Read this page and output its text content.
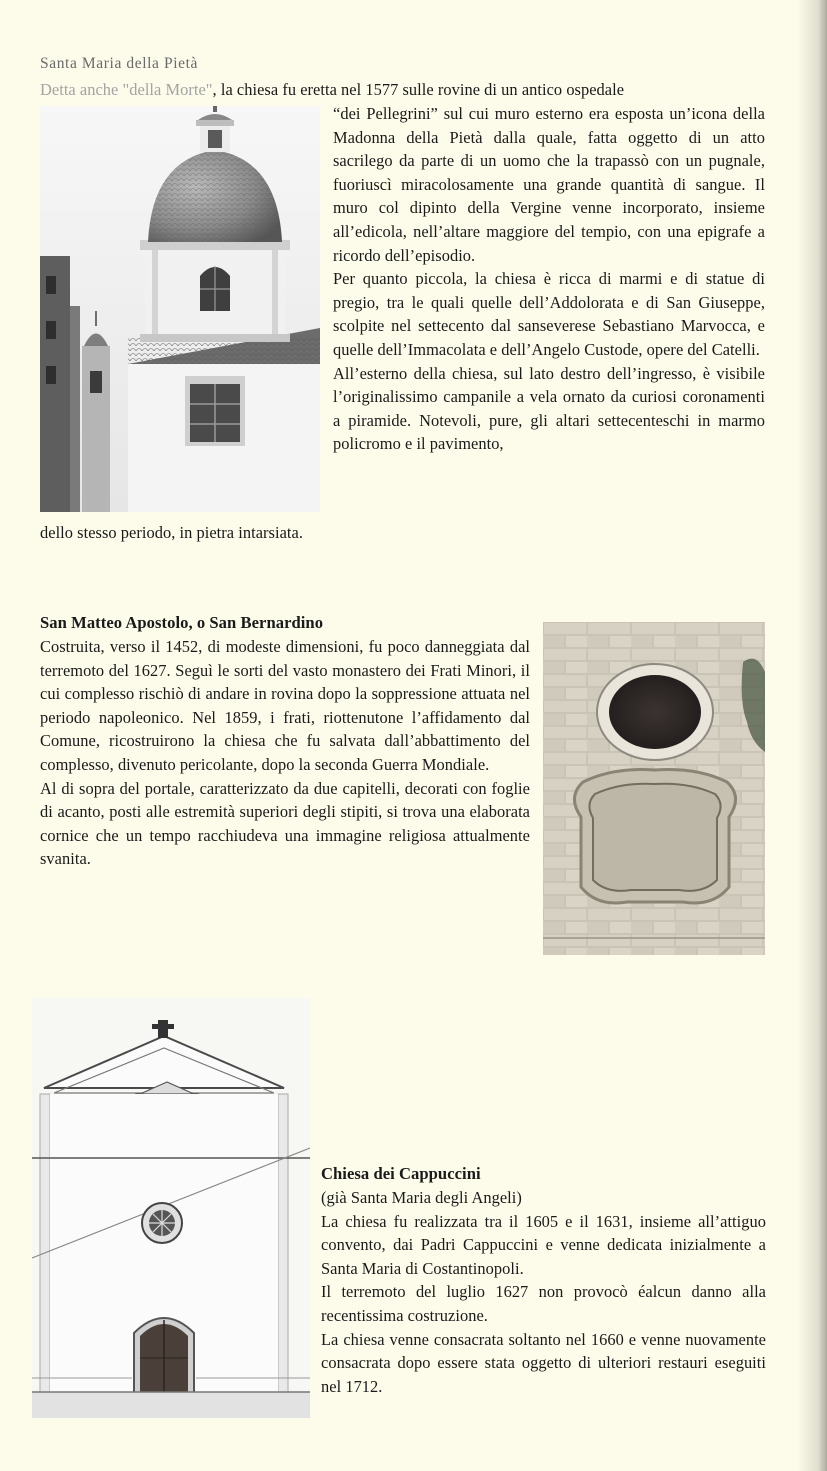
Santa Maria della Pietà
Detta anche "della Morte", la chiesa fu eretta nel 1577 sulle rovine di un antico ospedale

“dei Pellegrini” sul cui muro esterno era esposta un’icona della Madonna della Pietà dalla quale, fatta oggetto di un atto sacrilego da parte di un uomo che la trapassò con un pugnale, fuoriuscì miracolosamente una grande quantità di sangue. Il muro col dipinto della Vergine venne incorporato, insieme all’edicola, nell’altare maggiore del tempio, con una epigrafe a ricordo dell’episodio.

Per quanto piccola, la chiesa è ricca di marmi e di statue di pregio, tra le quali quelle dell’Addolorata e di San Giuseppe, scolpite nel settecento dal sanseverese Sebastiano Marvocca, e quelle dell’Immacolata e dell’Angelo Custode, opere del Catelli.

All’esterno della chiesa, sul lato destro dell’ingresso, è visibile l’originalissimo campanile a vela ornato da curiosi coronamenti a piramide. Notevoli, pure, gli altari settecenteschi in marmo policromo e il pavimento,

dello stesso periodo, in pietra intarsiata.
San Matteo Apostolo, o San Bernardino

Costruita, verso il 1452, di modeste dimensioni, fu poco danneggiata dal terremoto del 1627. Seguì le sorti del vasto monastero dei Frati Minori, il cui complesso rischiò di andare in rovina dopo la soppressione attuata nel periodo napoleonico. Nel 1859, i frati, riottenutone l’affidamento dal Comune, ricostruirono la chiesa che fu salvata dall’abbattimento del complesso, divenuto pericolante, dopo la seconda Guerra Mondiale.

Al di sopra del portale, caratterizzato da due capitelli, decorati con foglie di acanto, posti alle estremità superiori degli stipiti, si trova una elaborata cornice che un tempo racchiudeva una immagine religiosa attualmente svanita.

Chiesa dei Cappuccini

(già Santa Maria degli Angeli)

La chiesa fu realizzata tra il 1605 e il 1631, insieme all’attiguo convento, dai Padri Cappuccini e venne dedicata inizialmente a Santa Maria di Costantinopoli.

Il terremoto del luglio 1627 non provocò éalcun danno alla recentissima costruzione.

La chiesa venne consacrata soltanto nel 1660 e venne nuovamente consacrata dopo essere stata oggetto di ulteriori restauri eseguiti nel 1712.
